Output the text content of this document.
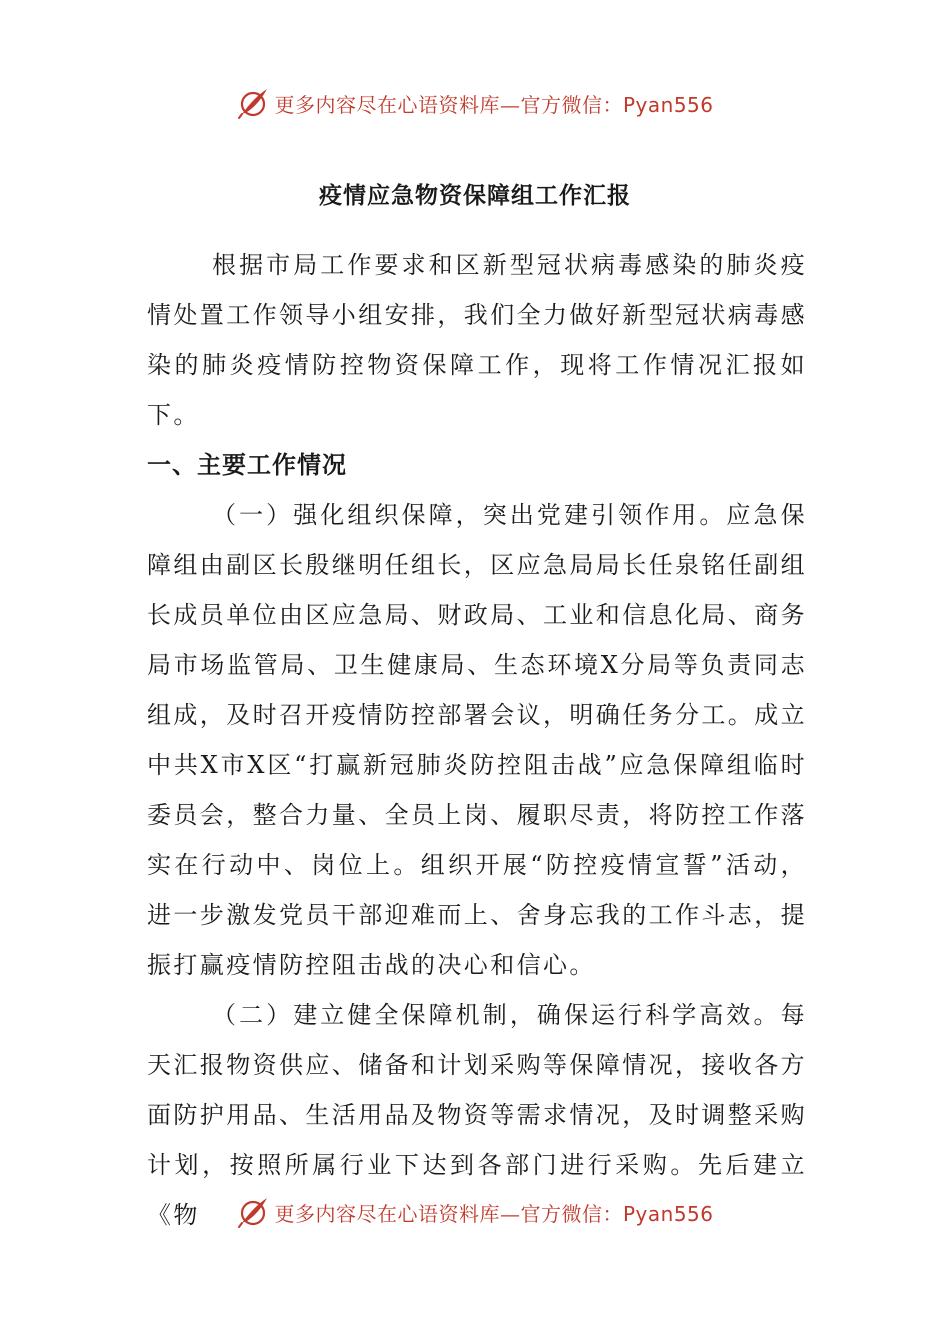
更多内容尽在心语资料库—官方微信：Pyan556
疫情应急物资保障组工作汇报

根据市局工作要求和区新型冠状病毒感染的肺炎疫情处置工作领导小组安排，我们全力做好新型冠状病毒感染的肺炎疫情防控物资保障工作，现将工作情况汇报如下。

一、主要工作情况

（一）强化组织保障，突出党建引领作用。应急保障组由副区长殷继明任组长，区应急局局长任泉铭任副组长成员单位由区应急局、财政局、工业和信息化局、商务局市场监管局、卫生健康局、生态环境X分局等负责同志组成，及时召开疫情防控部署会议，明确任务分工。成立中共X市X区“打赢新冠肺炎防控阻击战”应急保障组临时委员会，整合力量、全员上岗、履职尽责，将防控工作落实在行动中、岗位上。组织开展“防控疫情宣誓”活动，进一步激发党员干部迎难而上、舍身忘我的工作斗志，提振打赢疫情防控阻击战的决心和信心。

（二）建立健全保障机制，确保运行科学高效。每天汇报物资供应、储备和计划采购等保障情况，接收各方面防护用品、生活用品及物资等需求情况，及时调整采购计划，按照所属行业下达到各部门进行采购。先后建立《物	更多内容尽在心语资料库—官方微信：Pyan556
